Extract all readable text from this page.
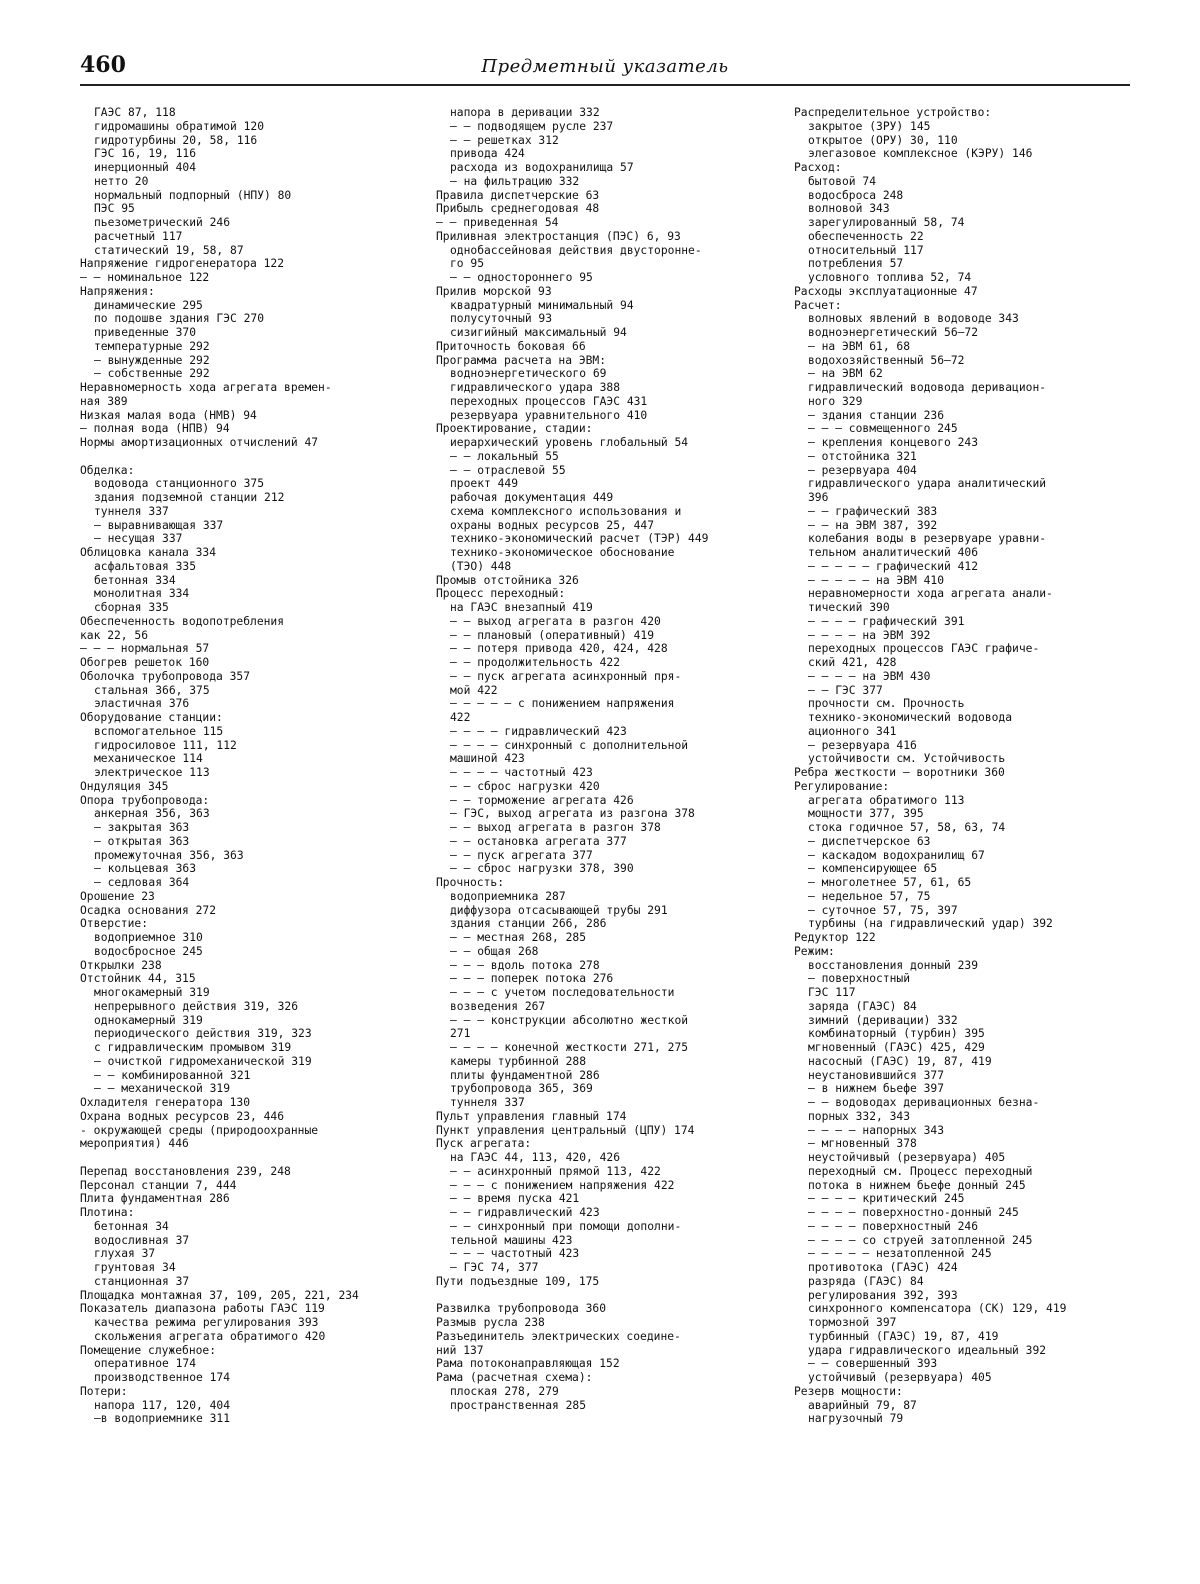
460	Предметный указатель
ГАЭС 87, 118
гидромашины обратимой 120
гидротурбины 20, 58, 116
ГЭС 16, 19, 116
инерционный 404
нетто 20
нормальный подпорный (НПУ) 80
ПЭС 95
пьезометрический 246
расчетный 117
статический 19, 58, 87
Напряжение гидрогенератора 122
— — номинальное 122
Напряжения:
динамические 295
по подошве здания ГЭС 270
приведенные 370
температурные 292
— вынужденные 292
— собственные 292
Неравномерность хода агрегата времен-
ная 389
Низкая малая вода (НМВ) 94
— полная вода (НПВ) 94
Нормы амортизационных отчислений 47
Обделка:
водовода станционного 375
здания подземной станции 212
туннеля 337
— выравнивающая 337
— несущая 337
Облицовка канала 334
асфальтовая 335
бетонная 334
монолитная 334
сборная 335
Обеспеченность водопотребления
как 22, 56
— — — нормальная 57
Обогрев решеток 160
Оболочка трубопровода 357
стальная 366, 375
эластичная 376
Оборудование станции:
вспомогательное 115
гидросиловое 111, 112
механическое 114
электрическое 113
Ондуляция 345
Опора трубопровода:
анкерная 356, 363
— закрытая 363
— открытая 363
промежуточная 356, 363
— кольцевая 363
— седловая 364
Орошение 23
Осадка основания 272
Отверстие:
водоприемное 310
водосбросное 245
Открылки 238
Отстойник 44, 315
многокамерный 319
непрерывного действия 319, 326
однокамерный 319
периодического действия 319, 323
с гидравлическим промывом 319
— очисткой гидромеханической 319
— — комбинированной 321
— — механической 319
Охладителя генератора 130
Охрана водных ресурсов 23, 446
- окружающей среды (природоохранные
мероприятия) 446
Перепад восстановления 239, 248
Персонал станции 7, 444
Плита фундаментная 286
Плотина:
бетонная 34
водосливная 37
глухая 37
грунтовая 34
станционная 37
Площадка монтажная 37, 109, 205, 221, 234
Показатель диапазона работы ГАЭС 119
качества режима регулирования 393
скольжения агрегата обратимого 420
Помещение служебное:
оперативное 174
производственное 174
Потери:
напора 117, 120, 404
—в водоприемнике 311
напора в деривации 332
— — подводящем русле 237
— — решетках 312
привода 424
расхода из водохранилища 57
— на фильтрацию 332
Правила диспетчерские 63
Прибыль среднегодовая 48
— — приведенная 54
Приливная электростанция (ПЭС) 6, 93
однобассейновая действия двусторонне-
го 95
— — одностороннего 95
Прилив морской 93
квадратурный минимальный 94
полусуточный 93
сизигийный максимальный 94
Приточность боковая 66
Программа расчета на ЭВМ:
водноэнергетического 69
гидравлического удара 388
переходных процессов ГАЭС 431
резервуара уравнительного 410
Проектирование, стадии:
иерархический уровень глобальный 54
— — локальный 55
— — отраслевой 55
проект 449
рабочая документация 449
схема комплексного использования и
охраны водных ресурсов 25, 447
технико-экономический расчет (ТЭР) 449
технико-экономическое обоснование
(ТЭО) 448
Промыв отстойника 326
Процесс переходный:
на ГАЭС внезапный 419
— — выход агрегата в разгон 420
— — плановый (оперативный) 419
— — потеря привода 420, 424, 428
— — продолжительность 422
— — пуск агрегата асинхронный пря-
мой 422
— — — — — с понижением напряжения
422
— — — — гидравлический 423
— — — — синхронный с дополнительной
машиной 423
— — — — частотный 423
— — сброс нагрузки 420
— — торможение агрегата 426
— ГЭС, выход агрегата из разгона 378
— — выход агрегата в разгон 378
— — остановка агрегата 377
— — пуск агрегата 377
— — сброс нагрузки 378, 390
Прочность:
водоприемника 287
диффузора отсасывающей трубы 291
здания станции 266, 286
— — местная 268, 285
— — общая 268
— — — вдоль потока 278
— — — поперек потока 276
— — — с учетом последовательности
возведения 267
— — — конструкции абсолютно жесткой
271
— — — — конечной жесткости 271, 275
камеры турбинной 288
плиты фундаментной 286
трубопровода 365, 369
туннеля 337
Пульт управления главный 174
Пункт управления центральный (ЦПУ) 174
Пуск агрегата:
на ГАЭС 44, 113, 420, 426
— — асинхронный прямой 113, 422
— — — с понижением напряжения 422
— — время пуска 421
— — гидравлический 423
— — синхронный при помощи дополни-
тельной машины 423
— — — частотный 423
— ГЭС 74, 377
Пути подъездные 109, 175
Развилка трубопровода 360
Размыв русла 238
Разъединитель электрических соедине-
ний 137
Рама потоконаправляющая 152
Рама (расчетная схема):
плоская 278, 279
пространственная 285
Распределительное устройство:
закрытое (ЗРУ) 145
открытое (ОРУ) 30, 110
элегазовое комплексное (КЭРУ) 146
Расход:
бытовой 74
водосброса 248
волновой 343
зарегулированный 58, 74
обеспеченность 22
относительный 117
потребления 57
условного топлива 52, 74
Расходы эксплуатационные 47
Расчет:
волновых явлений в водоводе 343
водноэнергетический 56—72
— на ЭВМ 61, 68
водохозяйственный 56—72
— на ЭВМ 62
гидравлический водовода деривацион-
ного 329
— здания станции 236
— — — совмещенного 245
— крепления концевого 243
— отстойника 321
— резервуара 404
гидравлического удара аналитический
396
— — графический 383
— — на ЭВМ 387, 392
колебания воды в резервуаре уравни-
тельном аналитический 406
— — — — — графический 412
— — — — — на ЭВМ 410
неравномерности хода агрегата анали-
тический 390
— — — — графический 391
— — — — на ЭВМ 392
переходных процессов ГАЭС графиче-
ский 421, 428
— — — — на ЭВМ 430
— — ГЭС 377
прочности см. Прочность
технико-экономический водовода
ационного 341
— резервуара 416
устойчивости см. Устойчивость
Ребра жесткости — воротники 360
Регулирование:
агрегата обратимого 113
мощности 377, 395
стока годичное 57, 58, 63, 74
— диспетчерское 63
— каскадом водохранилищ 67
— компенсирующее 65
— многолетнее 57, 61, 65
— недельное 57, 75
— суточное 57, 75, 397
турбины (на гидравлический удар) 392
Редуктор 122
Режим:
восстановления донный 239
— поверхностный
ГЭС 117
зарядa (ГАЭС) 84
зимний (деривации) 332
комбинаторный (турбин) 395
мгновенный (ГАЭС) 425, 429
насосный (ГАЭС) 19, 87, 419
неустановившийся 377
— в нижнем бьефе 397
— — водоводах деривационных безна-
порных 332, 343
— — — — напорных 343
— мгновенный 378
неустойчивый (резервуара) 405
переходный см. Процесс переходный
потока в нижнем бьефе донный 245
— — — — критический 245
— — — — поверхностно-донный 245
— — — — поверхностный 246
— — — — со струей затопленной 245
— — — — — незатопленной 245
противотока (ГАЭС) 424
разряда (ГАЭС) 84
регулирования 392, 393
синхронного компенсатора (СК) 129, 419
тормозной 397
турбинный (ГАЭС) 19, 87, 419
удара гидравлического идеальный 392
— — совершенный 393
устойчивый (резервуара) 405
Резерв мощности:
аварийный 79, 87
нагрузочный 79
